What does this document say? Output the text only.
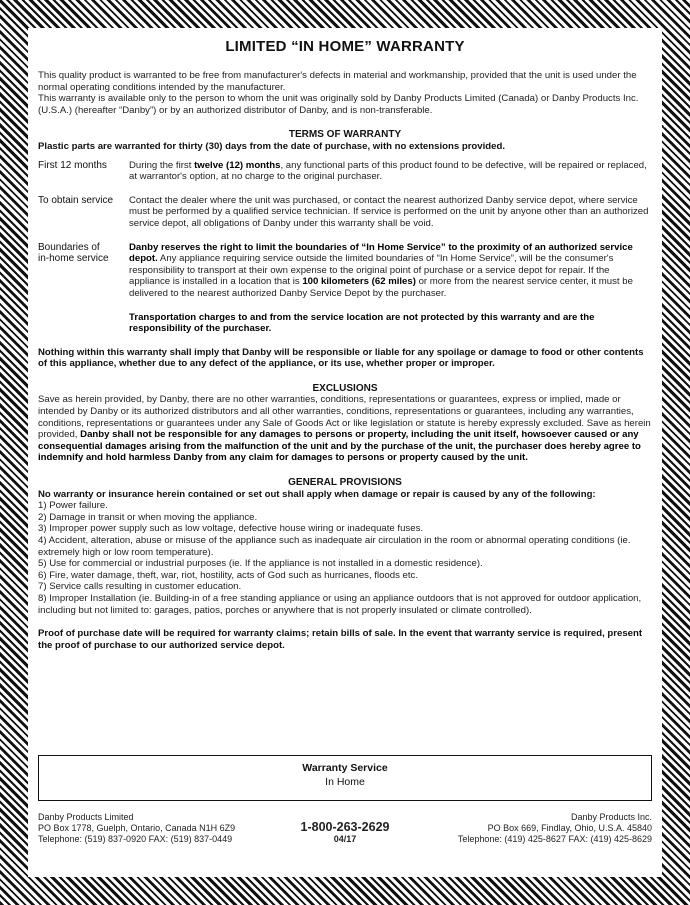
LIMITED “IN HOME” WARRANTY

This quality product is warranted to be free from manufacturer's defects in material and workmanship, provided that the unit is used under the normal operating conditions intended by the manufacturer.

This warranty is available only to the person to whom the unit was originally sold by Danby Products Limited (Canada) or Danby Products Inc. (U.S.A.) (hereafter “Danby”) or by an authorized distributor of Danby, and is non-transferable.

TERMS OF WARRANTY

Plastic parts are warranted for thirty (30) days from the date of purchase, with no extensions provided.

First 12 months	During the first twelve (12) months, any functional parts of this product found to be defective, will be repaired or replaced, at warrantor's option, at no charge to the original purchaser.
To obtain service	Contact the dealer where the unit was purchased, or contact the nearest authorized Danby service depot, where service must be performed by a qualified service technician. If service is performed on the unit by anyone other than an authorized service depot, all obligations of Danby under this warranty shall be void.
Boundaries of
in-home service

Danby reserves the right to limit the boundaries of “In Home Service” to the proximity of an authorized service depot. Any appliance requiring service outside the limited boundaries of “In Home Service”, will be the consumer's responsibility to transport at their own expense to the original point of purchase or a service depot for repair. If the appliance is installed in a location that is 100 kilometers (62 miles) or more from the nearest service center, it must be delivered to the nearest authorized Danby Service Depot by the purchaser.

Transportation charges to and from the service location are not protected by this warranty and are the responsibility of the purchaser.

Nothing within this warranty shall imply that Danby will be responsible or liable for any spoilage or damage to food or other contents of this appliance, whether due to any defect of the appliance, or its use, whether proper or improper.

EXCLUSIONS

Save as herein provided, by Danby, there are no other warranties, conditions, representations or guarantees, express or implied, made or intended by Danby or its authorized distributors and all other warranties, conditions, representations or guarantees, including any warranties, conditions, representations or guarantees under any Sale of Goods Act or like legislation or statute is hereby expressly excluded. Save as herein provided, Danby shall not be responsible for any damages to persons or property, including the unit itself, howsoever caused or any consequential damages arising from the malfunction of the unit and by the purchase of the unit, the purchaser does hereby agree to indemnify and hold harmless Danby from any claim for damages to persons or property caused by the unit.

GENERAL PROVISIONS

No warranty or insurance herein contained or set out shall apply when damage or repair is caused by any of the following:

1) Power failure.
2) Damage in transit or when moving the appliance.
3) Improper power supply such as low voltage, defective house wiring or inadequate fuses.
4) Accident, alteration, abuse or misuse of the appliance such as inadequate air circulation in the room or abnormal operating conditions (ie. extremely high or low room temperature).
5) Use for commercial or industrial purposes (ie. If the appliance is not installed in a domestic residence).
6) Fire, water damage, theft, war, riot, hostility, acts of God such as hurricanes, floods etc.
7) Service calls resulting in customer education.
8) Improper Installation (ie. Building-in of a free standing appliance or using an appliance outdoors that is not approved for outdoor application, including but not limited to: garages, patios, porches or anywhere that is not properly insulated or climate controlled).

Proof of purchase date will be required for warranty claims; retain bills of sale. In the event that warranty service is required, present the proof of purchase to our authorized service depot.

Warranty Service
In Home
Danby Products Limited
PO Box 1778, Guelph, Ontario, Canada N1H 6Z9
Telephone: (519) 837-0920 FAX: (519) 837-0449
1-800-263-2629
04/17
Danby Products Inc.
PO Box 669, Findlay, Ohio, U.S.A. 45840
Telephone: (419) 425-8627 FAX: (419) 425-8629
